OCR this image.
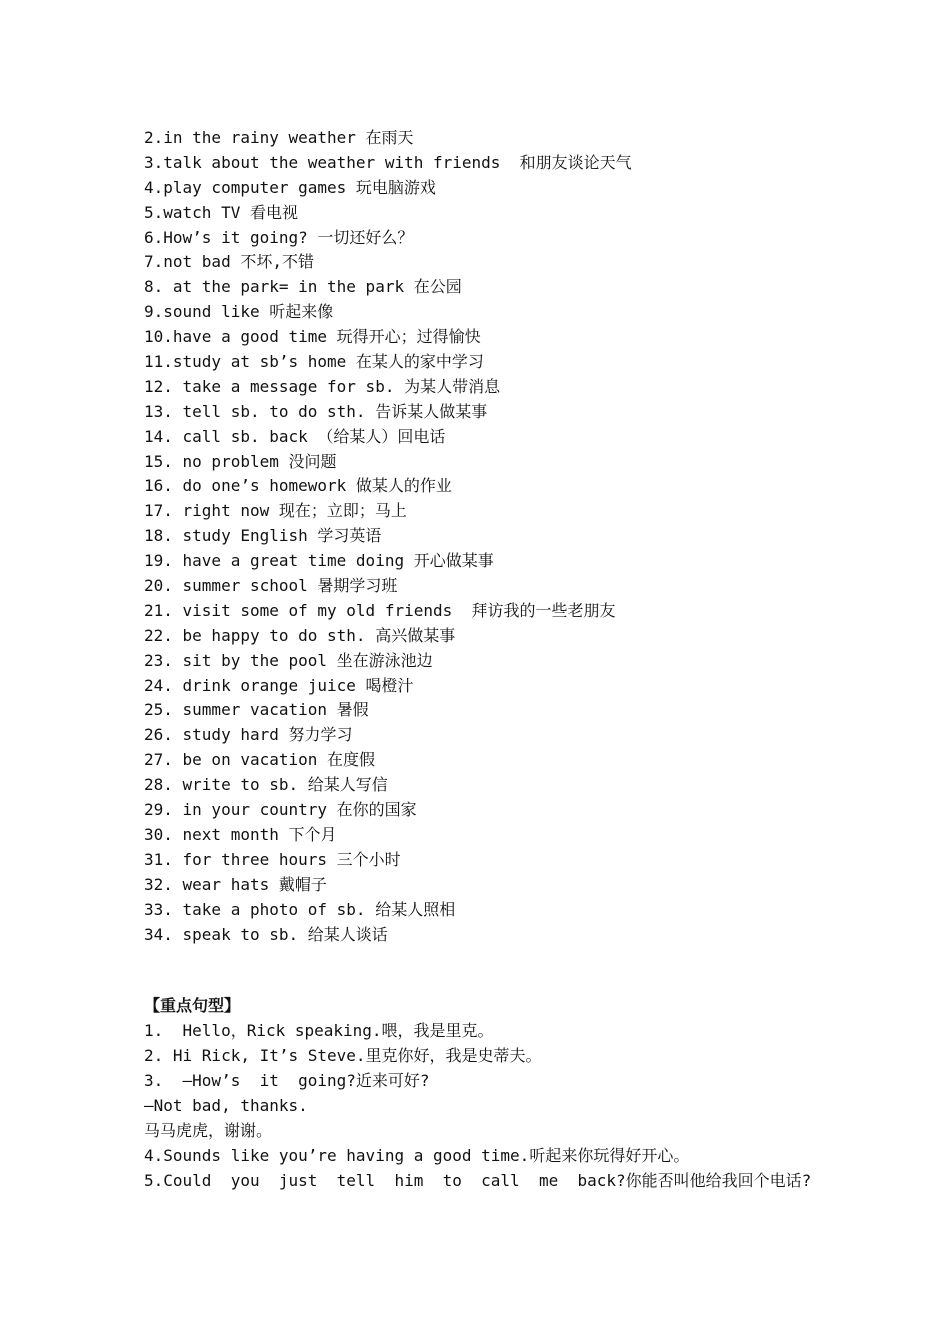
2.in the rainy weather 在雨天
3.talk about the weather with friends  和朋友谈论天气
4.play computer games 玩电脑游戏
5.watch TV 看电视
6.How’s it going? 一切还好么？
7.not bad 不坏,不错
8. at the park= in the park 在公园
9.sound like 听起来像
10.have a good time 玩得开心；过得愉快
11.study at sb’s home 在某人的家中学习
12. take a message for sb. 为某人带消息
13. tell sb. to do sth. 告诉某人做某事
14. call sb. back （给某人）回电话
15. no problem 没问题
16. do one’s homework 做某人的作业
17. right now 现在；立即；马上
18. study English 学习英语
19. have a great time doing 开心做某事
20. summer school 暑期学习班
21. visit some of my old friends  拜访我的一些老朋友
22. be happy to do sth. 高兴做某事
23. sit by the pool 坐在游泳池边
24. drink orange juice 喝橙汁
25. summer vacation 暑假
26. study hard 努力学习
27. be on vacation 在度假
28. write to sb. 给某人写信
29. in your country 在你的国家
30. next month 下个月
31. for three hours 三个小时
32. wear hats 戴帽子
33. take a photo of sb. 给某人照相
34. speak to sb. 给某人谈话
【重点句型】
1.  Hello，Rick speaking.喂，我是里克。
2. Hi Rick, It’s Steve.里克你好，我是史蒂夫。
3.  —How’s  it  going?近来可好?
—Not bad, thanks.
马马虎虎，谢谢。
4.Sounds like you’re having a good time.听起来你玩得好开心。
5.Could  you  just  tell  him  to  call  me  back?你能否叫他给我回个电话?
